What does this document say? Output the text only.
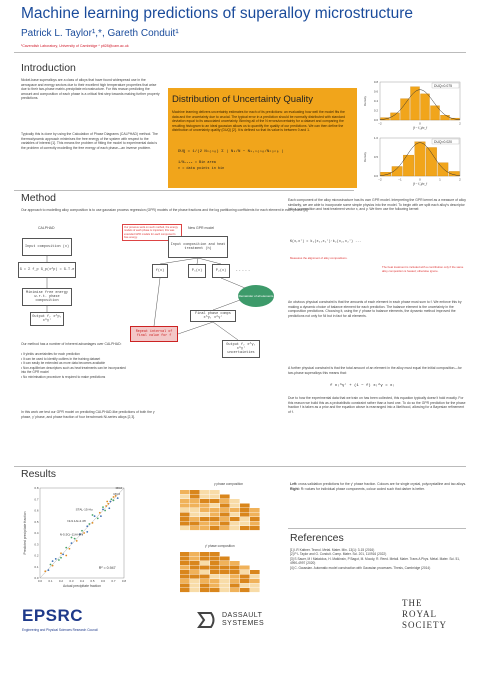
Machine learning predictions of superalloy microstructure
Patrick L. Taylor¹,*, Gareth Conduit¹
¹Cavendish Laboratory, University of Cambridge * plt28@cam.ac.uk
Introduction
Nickel-base superalloys are a class of alloys that have found widespread use in the aerospace and energy sectors due to their excellent high temperature properties that arise due to their two-phase matrix-precipitate microstructure. For this reason predicting the amount and composition of each phase is a critical first step towards making further property predictions.
Typically this is done by using the Calculation of Phase Diagrams (CALPHAD) method. The thermodynamic approach minimises the free energy of the system with respect to the variables of interest [1]. This means the problem of fitting the model to experimental data is the problem of correctly modelling the free energy of each phase—an inverse problem.
Distribution of Uncertainty Quality
Machine learning delivers uncertainty estimates for each of its predictions: an evaluating how well the model fits the data and the uncertainty due to crucial. The typical error in a prediction should be normally distributed with standard deviation equal to its associated uncertainty. Binning all of the N errors/uncertainty for a dataset and comparing the resulting histogram to an ideal gaussian allows us to quantify the quality of our predictions. We can then define the distribution of uncertainty quality (DUQ) [2]. It is defined so that its value is between 0 and 1.
DUQ = 1/(2 Nₙₒₙₑ) Σ | Nₛ/N − Nₛ,ₙₒₙₑ/Nₙₒₙₑ |
1/Nₙₒₙₑ = Bin area
ν = data points in bin
DUQ=0.075
0.8
0.6
0.4
0.2
0.0
−2	0	2
(f − f₀)/σ_f
Density
DUQ=0.020
1.0
0.5
0.0
−2	−1	0	1	2
(f − f₀)/σ_f
Density
Method
Our approach to modelling alloy composition is to use gaussian process regression (GPR) models of the phase fractions and the log partitioning coefficients for each element in each phase [3].
CALPHAD	New GPR model
Our previous work on such method, the energy models of each phase is important, this was extended GPR models for each component's free energy.
Input composition (x)
G = Σ f_p G_p(x^p) = G.T.e
Minimise free energy w.r.t. phase composition
Output f, x^p, x^γ'
Input composition and heat treatment (h)
f(x)	P₁(x)	P₂(x)	· · · · ·
Remainder of all elements
Final phase comps x^γ, x^γ'
Repeat interval of final value for f
Output f, x^γ, x^γ' uncertainties
Our method has a number of inherent advantages over CALPHAD:
• It yields uncertainties for each prediction
• It can be used to identify outliers in the training dataset
• It can easily be extended as more data becomes available
• Non-equilibrium descriptors such as heat treatments can be incorporated into the GPR model
• No minimisation procedure is required to make predictions
In this work we test our GPR model on predicting CALPHAD-like predictions of both the γ phase, γ' phase, and phase fraction of four benchmark Ni-series alloys [2,3].
Each component of the alloy microstructure has its own GPR model. Interpreting the GPR kernel as a measure of alloy similarity, we are able to incorporate some simple physics into the model. To begin with we split each alloy's descriptor into a composition and heat treatment vector x, and y. We then use the following kernel:
K(x,x') = k₁(x₁,x₁')·k₂(x₂,x₂') ...
Measures the alignment of alloy compositions.
The heat treatment is included with a contribution only if the same alloy composition is heated; otherwise ignore.
An obvious physical constraint is that the amounts of each element in each phase must sum to f. We enforce this by making a dynamic choice of balance element for each prediction. The balance element is the uncertainty in the composition predictions. Choosing it, using the γ' phase to balance elements, the dynamic method improved the predictions not only for Ni but in fact for all elements.
A further physical constraint is that the total amount of an element in the alloy must equal the initial composition—for two-phase superalloys this means that:
f xᵢ^γ' + (1 − f) xᵢ^γ = xᵢ
Due to how the experimental data that we train on has been collected, this equation typically doesn't hold exactly. For this reason we build this as a probabilistic constraint rather than a hard one. To do so the GPR prediction for the phase fraction f is taken as a prior and the equation above is rearranged into a likelihood, allowing for a Bayesian refinement of f.
Results
0.0 0.1 0.2 0.3 0.4 0.5 0.6 0.7 0.8
0.0
0.1
0.2
0.3
0.4
0.5
0.6
0.7
0.8
Actual precipitate fraction
Predicted precipitate fraction
MC2
MC3
STAL-15-Hu
Ni-9.1Al-4.4Ti
N-5.5Cr-11Al-8Ni
R² = 0.947
γ phase composition
γ' phase composition
Left: cross-validation predictions for the γ' phase fraction. Colours are for single crystal, polycrystalline and tao alloys. Right: R² values for individual phase components, colour coded such that darker is better.
References
[1] I-R Kattner. Tecnol. Metal. Mater. Min. 13(1): 3-15 (2016)
[2] P L Taylor and G. Conduit. Comp. Mater. Sci. 201, 110916 (2022)
[3] S Sauer, M I Mataiolus, H. Matkinsin, P Bagot, M. Moody, R. Reed. Metall. Mater. Trans A Phys. Metal. Mater. Sci. 51, 4990-4997 (2020)
[4] C. Gaussian. Automatic model construction with Gaussian processes. Thesis, Cambridge (2014)
EPSRC
Engineering and Physical Sciences Research Council
DASSAULT SYSTEMES
THE
ROYAL
SOCIETY
